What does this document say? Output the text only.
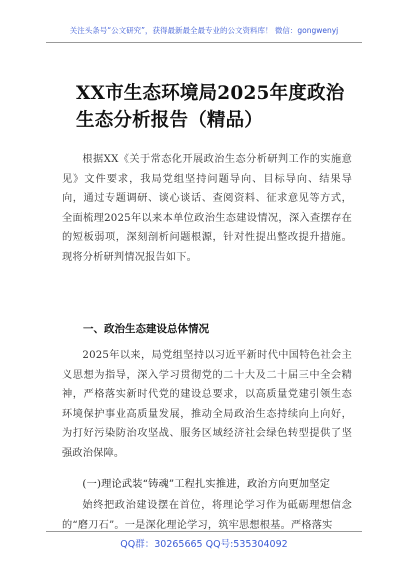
关注头条号“公文研究”，获得最新最全最专业的公文资料库！ 微信：gongwenyj
XX市生态环境局2025年度政治生态分析报告（精品）
根据XX《关于常态化开展政治生态分析研判工作的实施意见》文件要求，我局党组坚持问题导向、目标导向、结果导向，通过专题调研、谈心谈话、查阅资料、征求意见等方式，全面梳理2025年以来本单位政治生态建设情况，深入查摆存在的短板弱项，深刻剖析问题根源，针对性提出整改提升措施。现将分析研判情况报告如下。
一、政治生态建设总体情况
2025年以来，局党组坚持以习近平新时代中国特色社会主义思想为指导，深入学习贯彻党的二十大及二十届三中全会精神，严格落实新时代党的建设总要求，以高质量党建引领生态环境保护事业高质量发展，推动全局政治生态持续向上向好，为打好污染防治攻坚战、服务区域经济社会绿色转型提供了坚强政治保障。
(一)理论武装“铸魂”工程扎实推进，政治方向更加坚定
始终把政治建设摆在首位，将理论学习作为砥砺理想信念的“磨刀石”。一是深化理论学习，筑牢思想根基。严格落实
QQ群：30265665 QQ号:535304092
